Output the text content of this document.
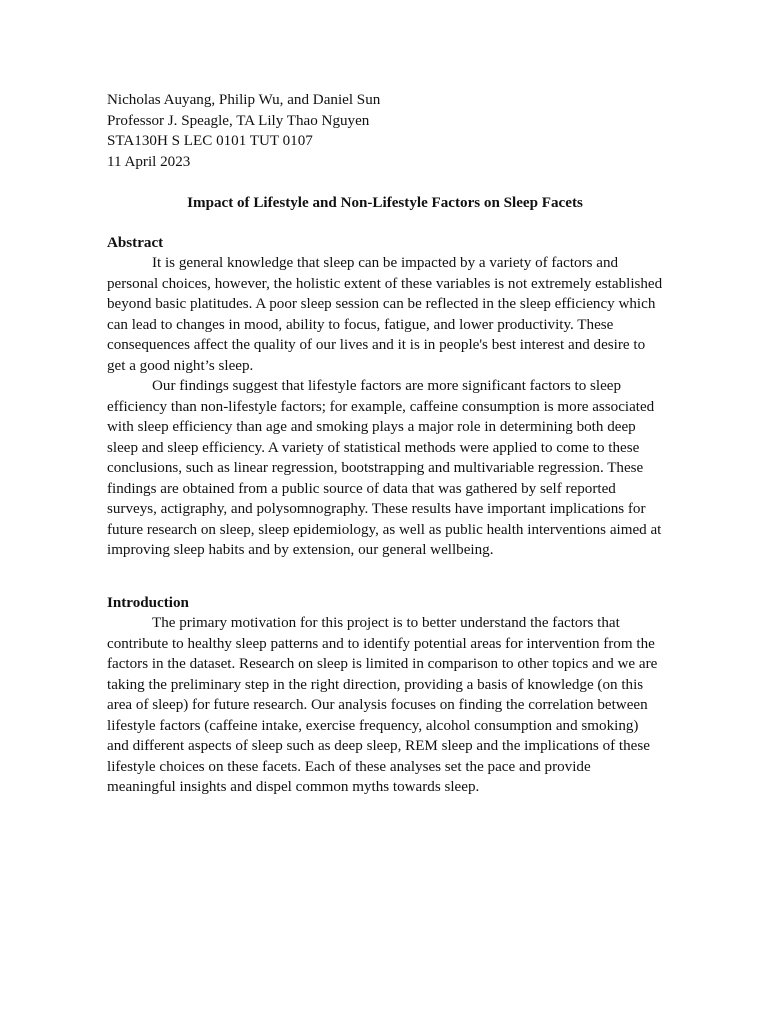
Nicholas Auyang, Philip Wu, and Daniel Sun

Professor J. Speagle, TA Lily Thao Nguyen

STA130H S LEC 0101 TUT 0107

11 April 2023

Impact of Lifestyle and Non-Lifestyle Factors on Sleep Facets
Abstract

It is general knowledge that sleep can be impacted by a variety of factors and personal choices, however, the holistic extent of these variables is not extremely established beyond basic platitudes. A poor sleep session can be reflected in the sleep efficiency which can lead to changes in mood, ability to focus, fatigue, and lower productivity. These consequences affect the quality of our lives and it is in people's best interest and desire to get a good night’s sleep.

Our findings suggest that lifestyle factors are more significant factors to sleep efficiency than non-lifestyle factors; for example, caffeine consumption is more associated with sleep efficiency than age and smoking plays a major role in determining both deep sleep and sleep efficiency. A variety of statistical methods were applied to come to these conclusions, such as linear regression, bootstrapping and multivariable regression. These findings are obtained from a public source of data that was gathered by self reported surveys, actigraphy, and polysomnography. These results have important implications for future research on sleep, sleep epidemiology, as well as public health interventions aimed at improving sleep habits and by extension, our general wellbeing.

Introduction

The primary motivation for this project is to better understand the factors that contribute to healthy sleep patterns and to identify potential areas for intervention from the factors in the dataset. Research on sleep is limited in comparison to other topics and we are taking the preliminary step in the right direction, providing a basis of knowledge (on this area of sleep) for future research. Our analysis focuses on finding the correlation between lifestyle factors (caffeine intake, exercise frequency, alcohol consumption and smoking) and different aspects of sleep such as deep sleep, REM sleep and the implications of these lifestyle choices on these facets. Each of these analyses set the pace and provide meaningful insights and dispel common myths towards sleep.
